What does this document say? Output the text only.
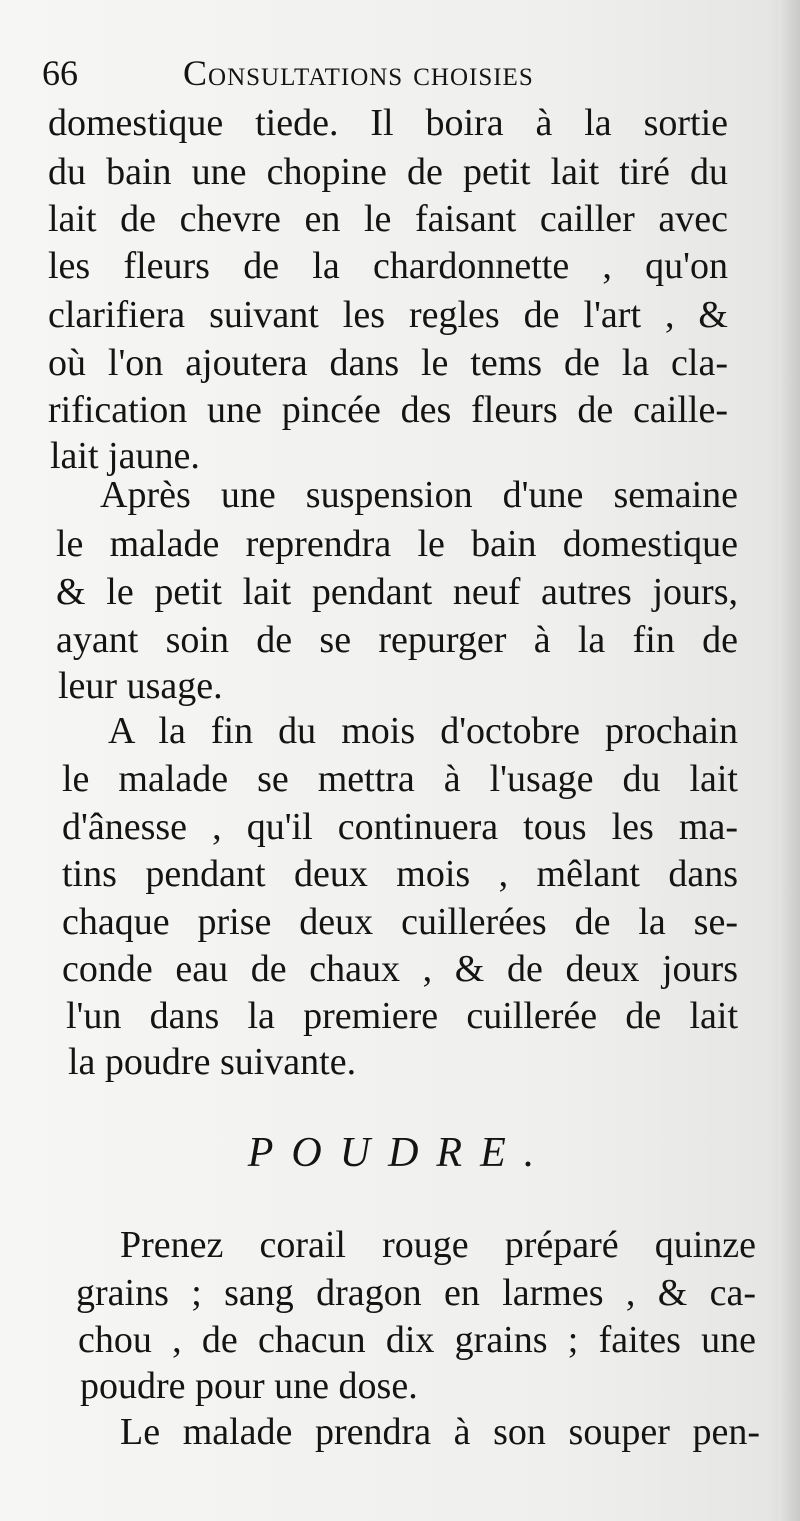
66	Consultations choisies
domestique tiede. Il boira à la sortie
du bain une chopine de petit lait tiré du
lait de chevre en le faisant cailler avec
les fleurs de la chardonnette , qu'on
clarifiera suivant les regles de l'art , &
où l'on ajoutera dans le tems de la cla-
rification une pincée des fleurs de caille-
lait jaune.
Après une suspension d'une semaine
le malade reprendra le bain domestique
& le petit lait pendant neuf autres jours,
ayant soin de se repurger à la fin de
leur usage.
A la fin du mois d'octobre prochain
le malade se mettra à l'usage du lait
d'ânesse , qu'il continuera tous les ma-
tins pendant deux mois , mêlant dans
chaque prise deux cuillerées de la se-
conde eau de chaux , & de deux jours
l'un dans la premiere cuillerée de lait
la poudre suivante.
POUDRE.
Prenez corail rouge préparé quinze
grains ; sang dragon en larmes , & ca-
chou , de chacun dix grains ; faites une
poudre pour une dose.
Le malade prendra à son souper pen-
